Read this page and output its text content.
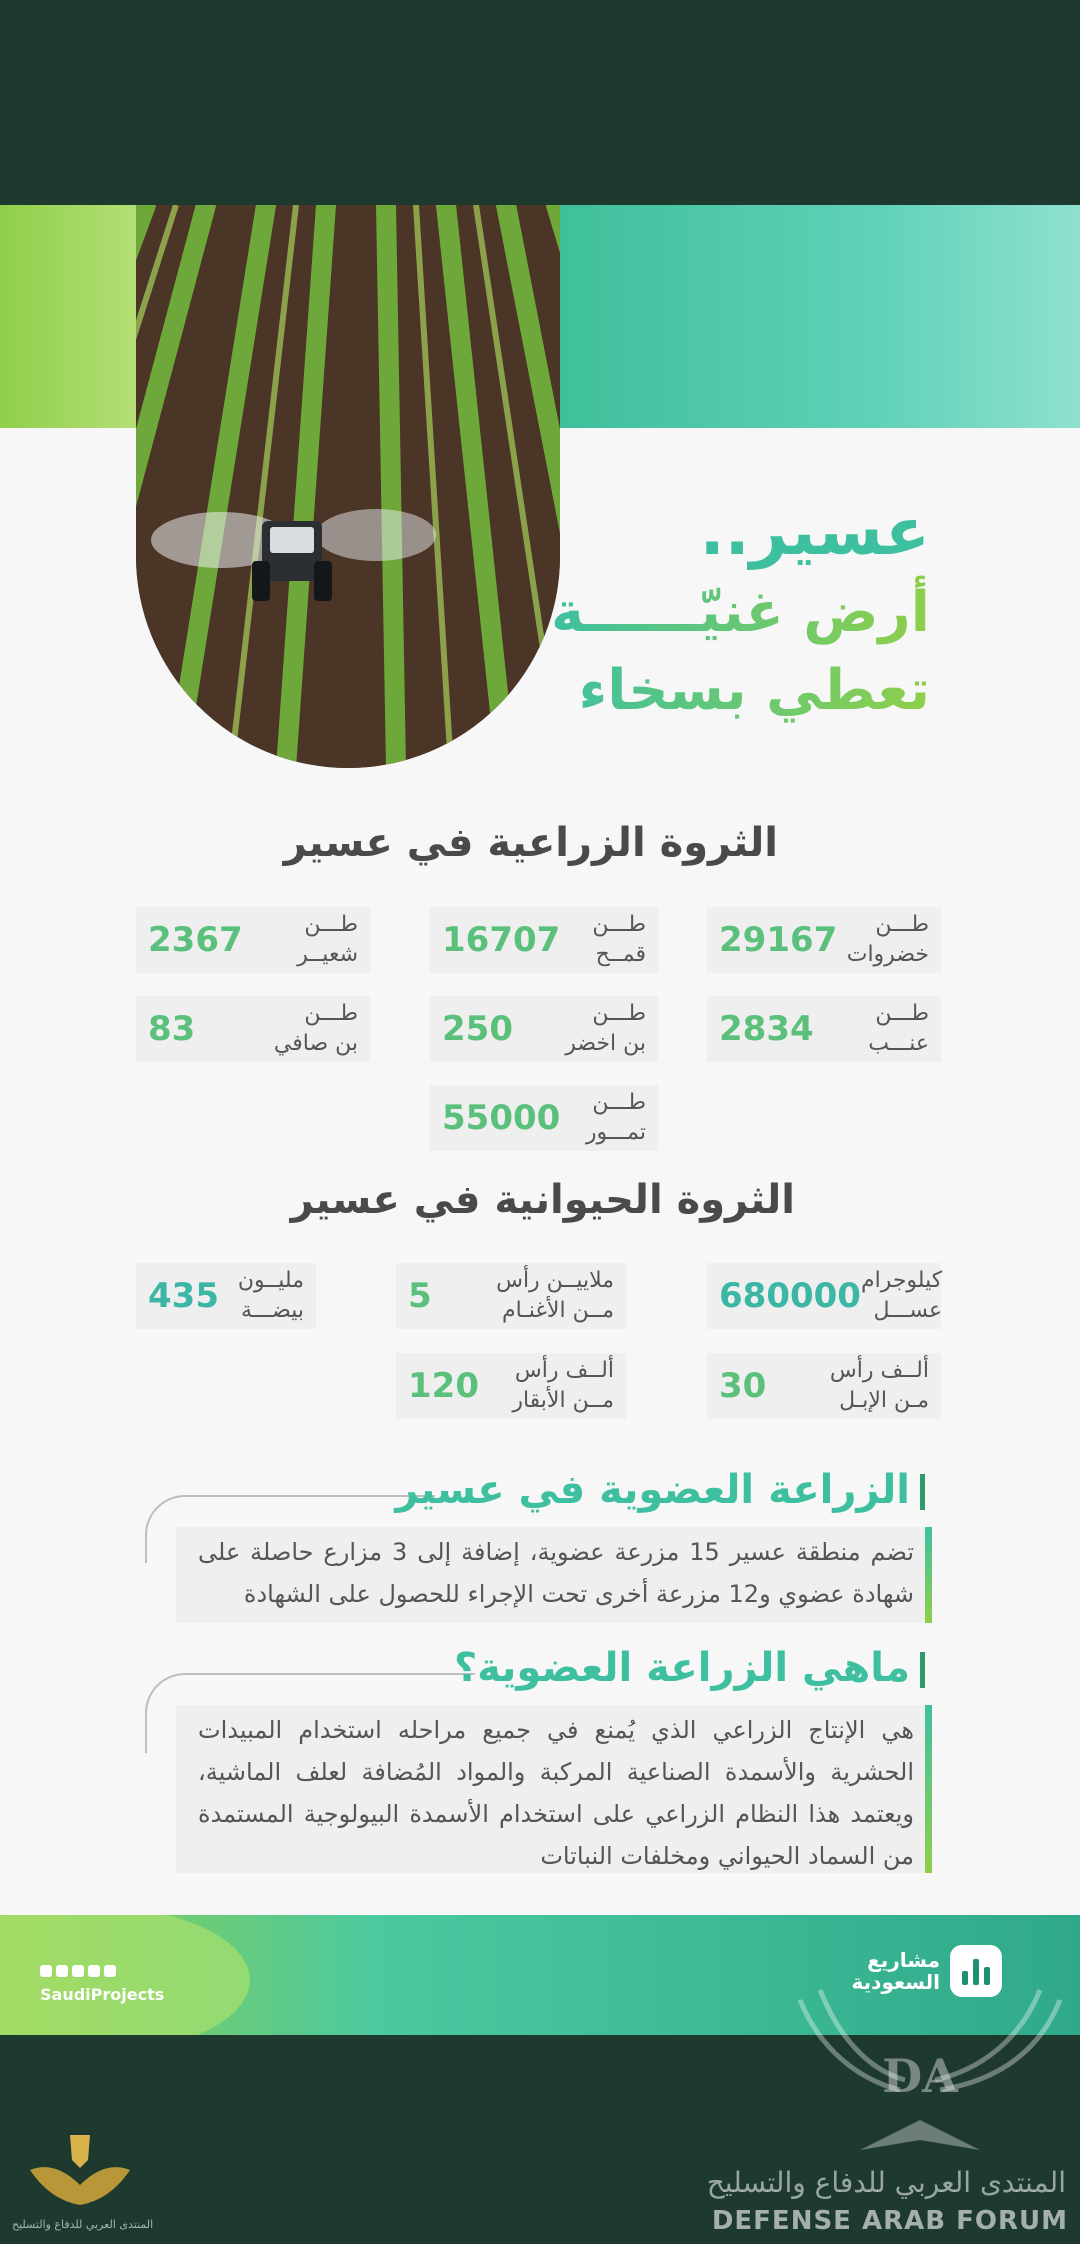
عسير..
أرض غنيّــــــة
تعطي بسخاء
الثروة الزراعية في عسير
29167	طـــن
خضروات
16707 طـــن
قمــح
2367	طـــن
شعيــر
2834	طـــن
عنـــب
250	طـــن
بن اخضر
83	طـــن
بن صافي
55000 طـــن
تمـــور
الثروة الحيوانية في عسير
680000 كيلوجرام
عســـل
5	ملاييــن رأس
مــن الأغنـام
435 مليــون
بيضـــة
30	ألــف رأس
مـن الإبـل
120 ألــف رأس
مــن الأبقار
الزراعة العضوية في عسير
تضم منطقة عسير 15 مزرعة عضوية، إضافة إلى 3 مزارع حاصلة على شهادة عضوي و12 مزرعة أخرى تحت الإجراء للحصول على الشهادة
ماهي الزراعة العضوية؟
هي الإنتاج الزراعي الذي يُمنع في جميع مراحله استخدام المبيدات الحشرية والأسمدة الصناعية المركبة والمواد المُضافة لعلف الماشية، ويعتمد هذا النظام الزراعي على استخدام الأسمدة البيولوجية المستمدة من السماد الحيواني ومخلفات النباتات
SaudiProjects
مشاريع
السعودية
DA
المنتدى العربي للدفاع والتسليح
DEFENSE ARAB FORUM
المنتدى العربي للدفاع والتسليح
